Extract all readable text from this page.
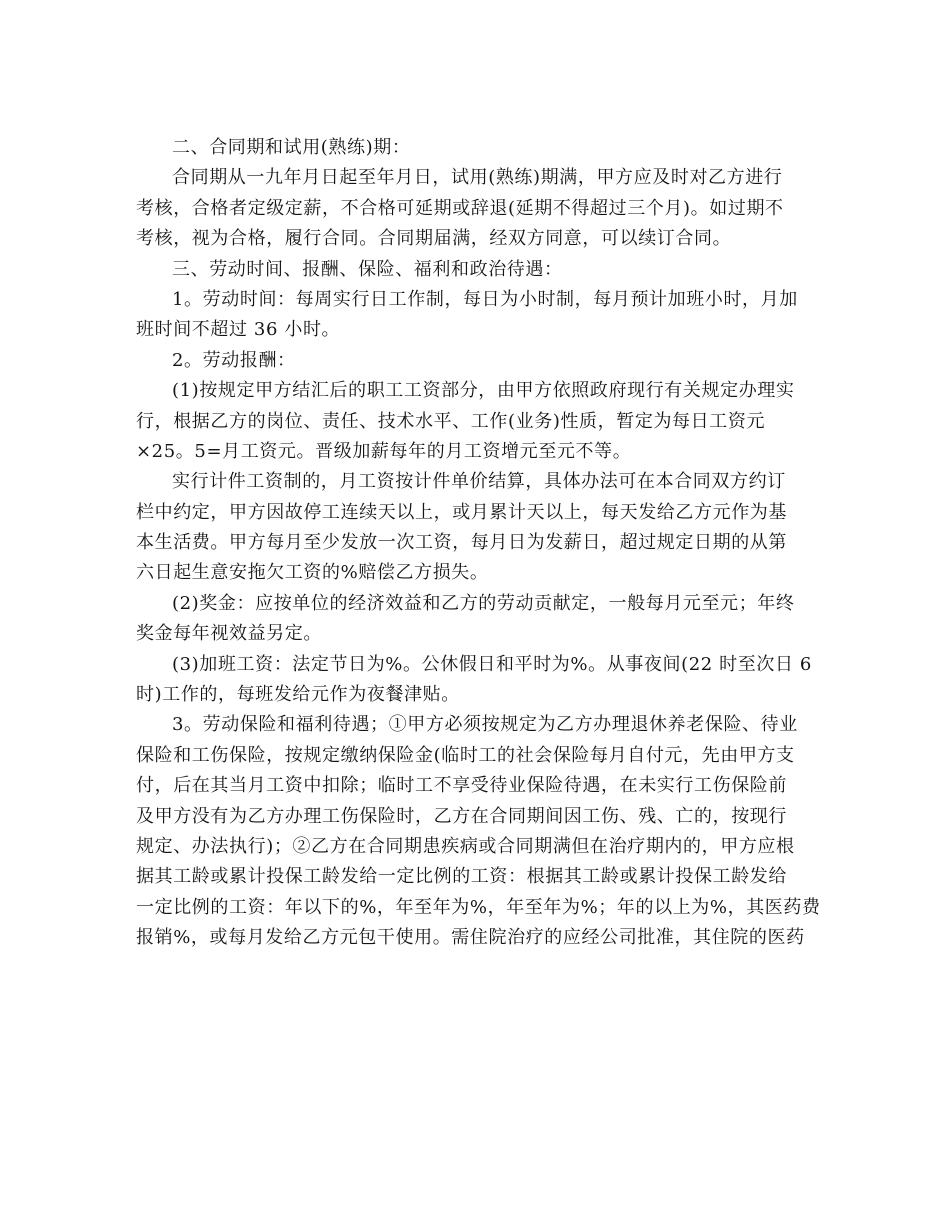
二、合同期和试用(熟练)期：
合同期从一九年月日起至年月日，试用(熟练)期满，甲方应及时对乙方进行
考核，合格者定级定薪，不合格可延期或辞退(延期不得超过三个月)。如过期不
考核，视为合格，履行合同。合同期届满，经双方同意，可以续订合同。
三、劳动时间、报酬、保险、福利和政治待遇：
1。劳动时间：每周实行日工作制，每日为小时制，每月预计加班小时，月加
班时间不超过 36 小时。
2。劳动报酬：
(1)按规定甲方结汇后的职工工资部分，由甲方依照政府现行有关规定办理实
行，根据乙方的岗位、责任、技术水平、工作(业务)性质，暂定为每日工资元
×25。5=月工资元。晋级加薪每年的月工资增元至元不等。
实行计件工资制的，月工资按计件单价结算，具体办法可在本合同双方约订
栏中约定，甲方因故停工连续天以上，或月累计天以上，每天发给乙方元作为基
本生活费。甲方每月至少发放一次工资，每月日为发薪日，超过规定日期的从第
六日起生意安拖欠工资的%赔偿乙方损失。
(2)奖金：应按单位的经济效益和乙方的劳动贡献定，一般每月元至元；年终
奖金每年视效益另定。
(3)加班工资：法定节日为%。公休假日和平时为%。从事夜间(22 时至次日 6
时)工作的，每班发给元作为夜餐津贴。
3。劳动保险和福利待遇；①甲方必须按规定为乙方办理退休养老保险、待业
保险和工伤保险，按规定缴纳保险金(临时工的社会保险每月自付元，先由甲方支
付，后在其当月工资中扣除；临时工不享受待业保险待遇，在未实行工伤保险前
及甲方没有为乙方办理工伤保险时，乙方在合同期间因工伤、残、亡的，按现行
规定、办法执行)；②乙方在合同期患疾病或合同期满但在治疗期内的，甲方应根
据其工龄或累计投保工龄发给一定比例的工资：根据其工龄或累计投保工龄发给
一定比例的工资：年以下的%，年至年为%，年至年为%；年的以上为%，其医药费
报销%，或每月发给乙方元包干使用。需住院治疗的应经公司批准，其住院的医药
